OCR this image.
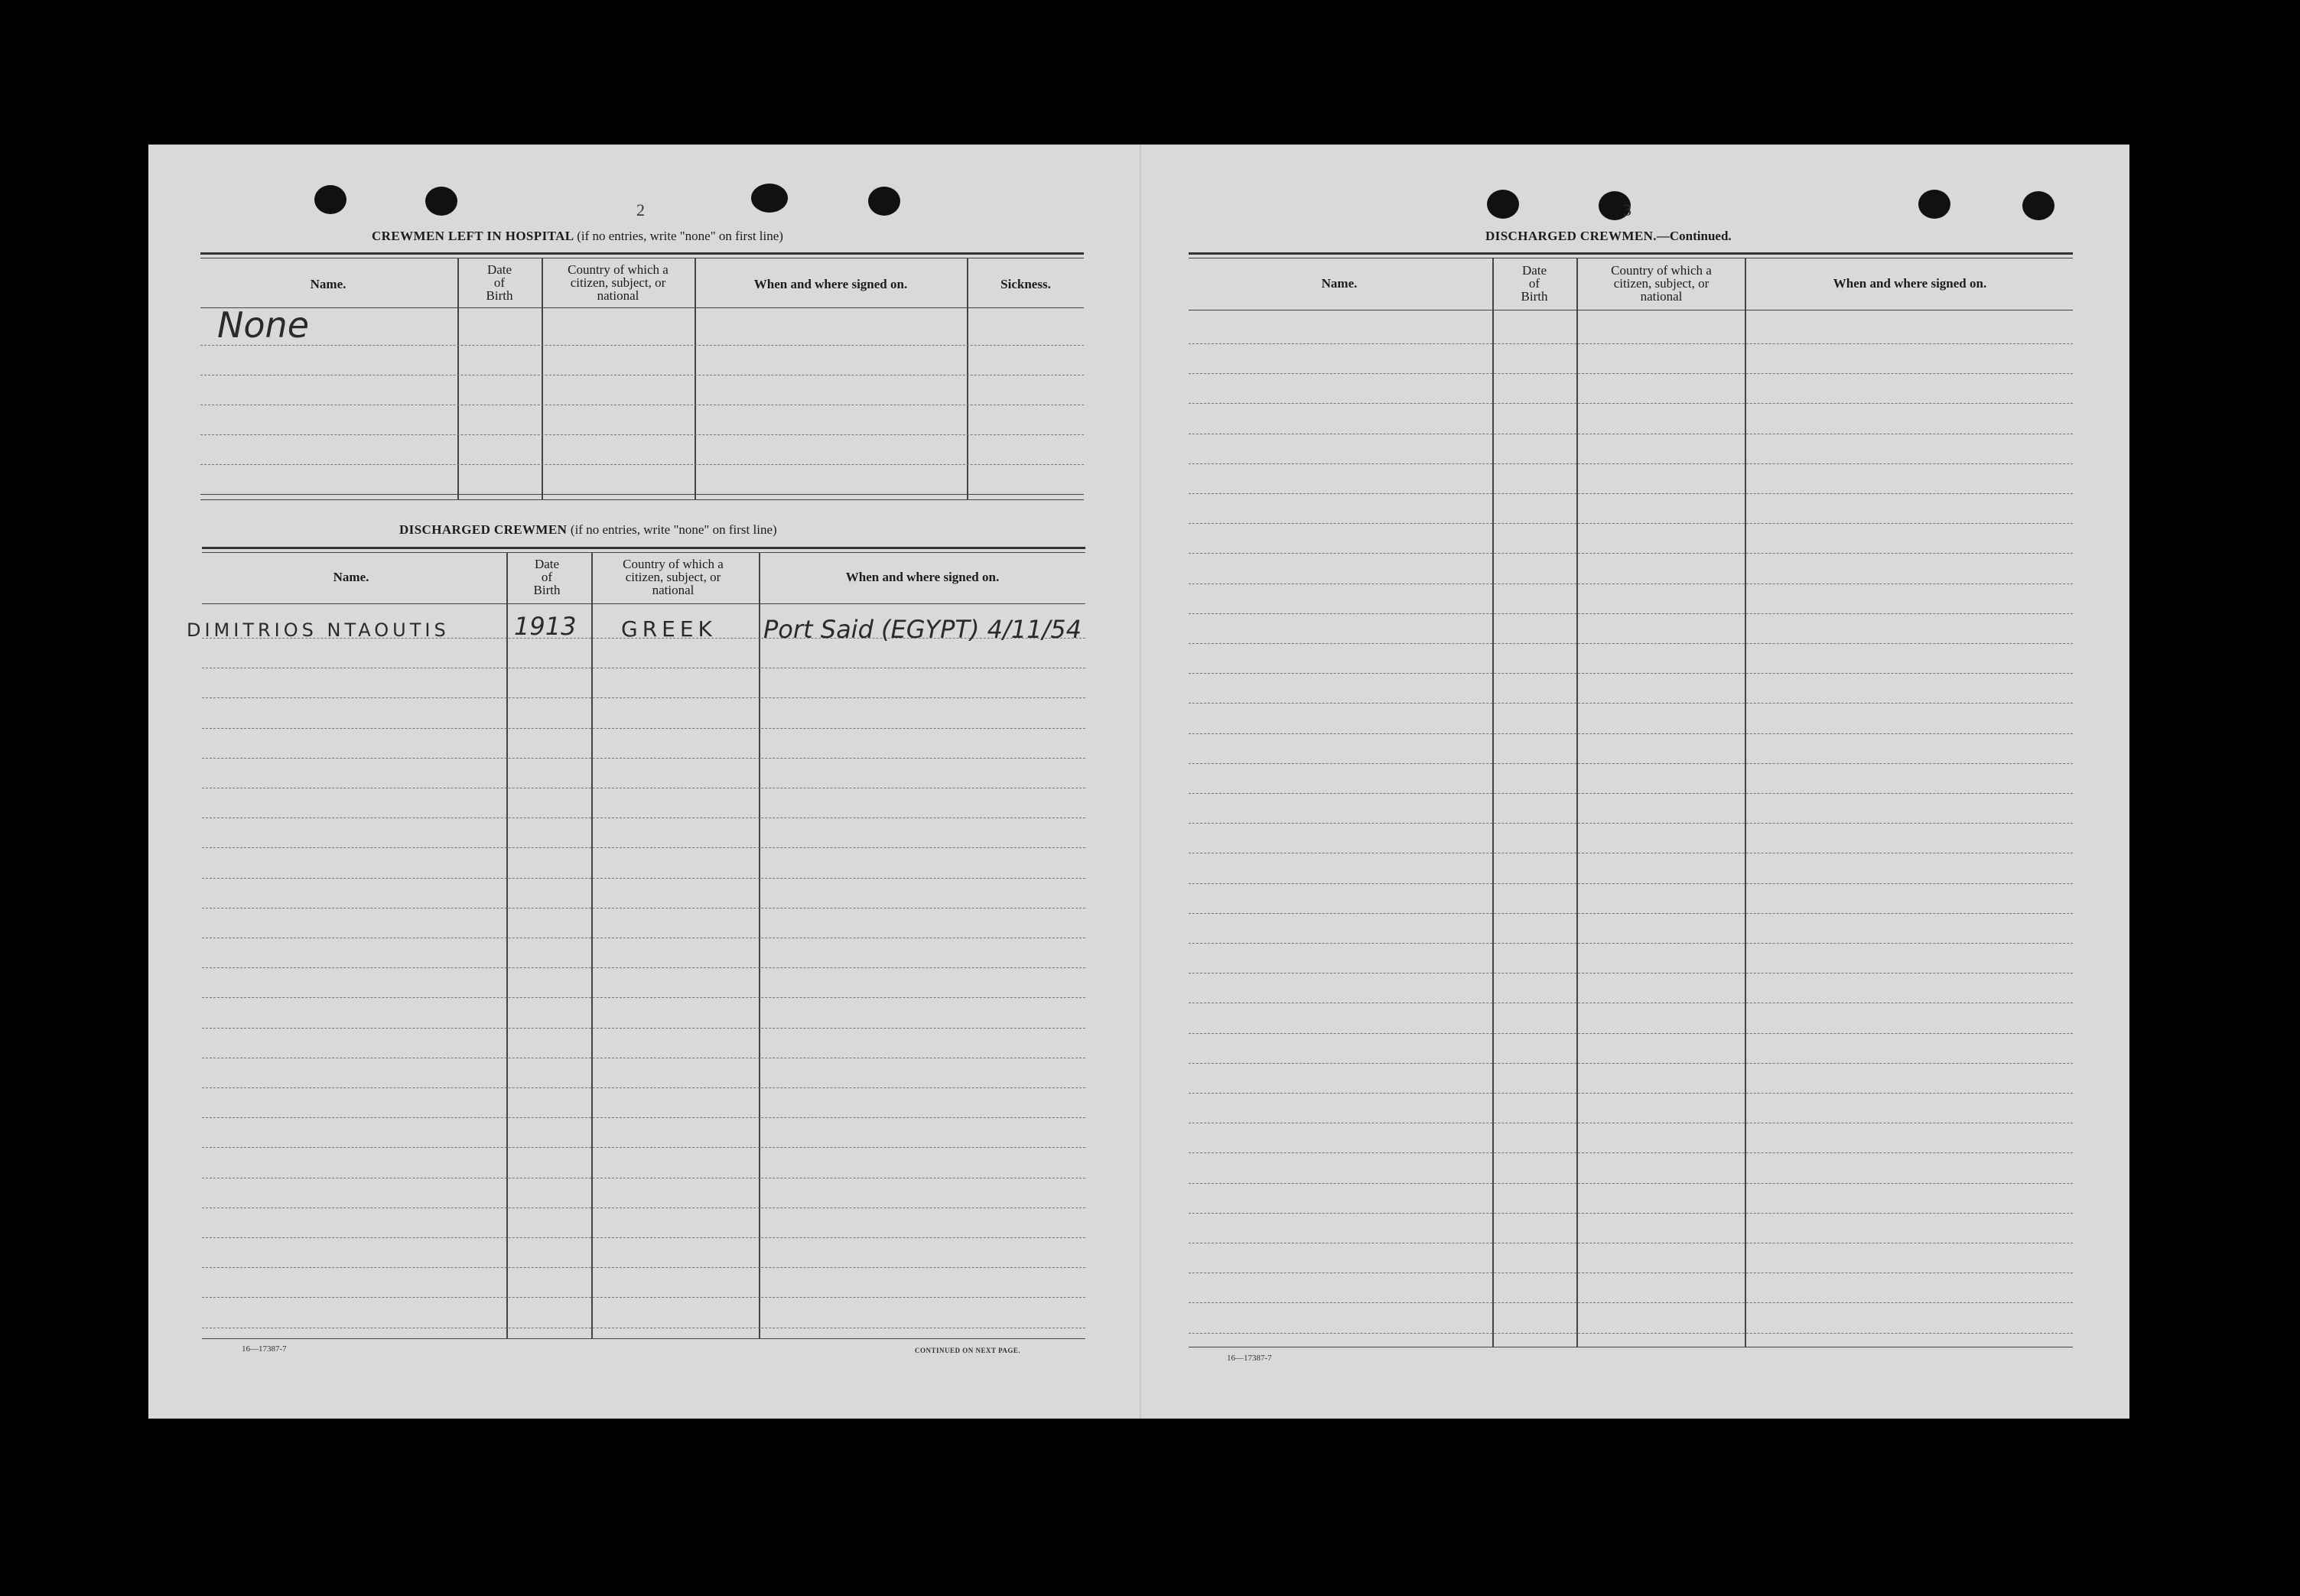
2
CREWMEN LEFT IN HOSPITAL (if no entries, write "none" on first line)
Name.
Date
of
Birth
Country of which a
citizen, subject, or
national
When and where signed on.	Sickness.
None
DISCHARGED CREWMEN (if no entries, write "none" on first line)
Name.
Date
of
Birth
Country of which a
citizen, subject, or
national
When and where signed on.
DIMITRIOS NTAOUTIS	1913 GREEK Port Said (EGYPT) 4/11/54
16—17387-7	CONTINUED ON NEXT PAGE.
3
DISCHARGED CREWMEN.—Continued.
Name.
Date
of
Birth
Country of which a
citizen, subject, or
national
When and where signed on.
16—17387-7
